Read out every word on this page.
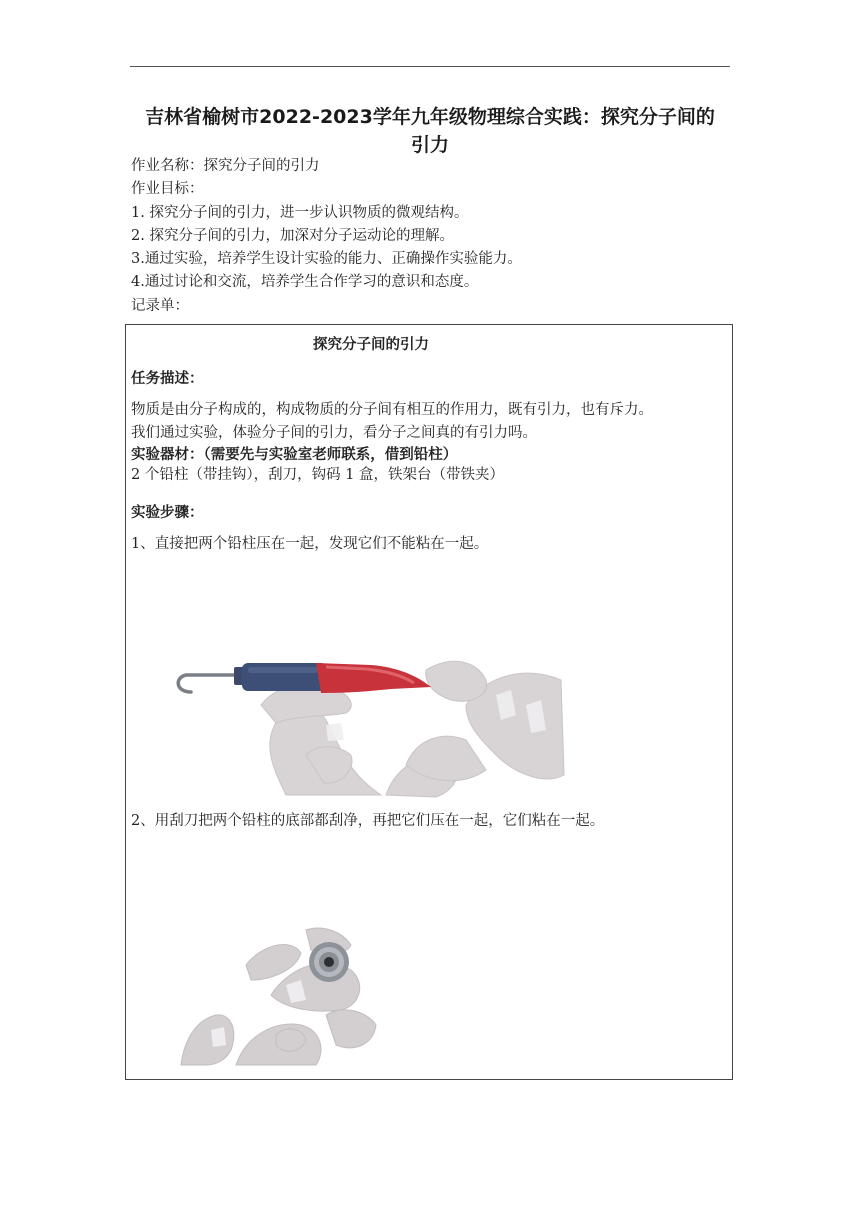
吉林省榆树市2022-2023学年九年级物理综合实践：探究分子间的
引力
作业名称：探究分子间的引力
作业目标：
1. 探究分子间的引力，进一步认识物质的微观结构。
2. 探究分子间的引力，加深对分子运动论的理解。
3.通过实验，培养学生设计实验的能力、正确操作实验能力。
4.通过讨论和交流，培养学生合作学习的意识和态度。
记录单：
探究分子间的引力
任务描述：
物质是由分子构成的，构成物质的分子间有相互的作用力，既有引力，也有斥力。
我们通过实验，体验分子间的引力，看分子之间真的有引力吗。
实验器材：（需要先与实验室老师联系，借到铅柱）
2 个铅柱（带挂钩），刮刀，钩码 1 盒，铁架台（带铁夹）
实验步骤：
1、直接把两个铅柱压在一起，发现它们不能粘在一起。
2、用刮刀把两个铅柱的底部都刮净，再把它们压在一起，它们粘在一起。
